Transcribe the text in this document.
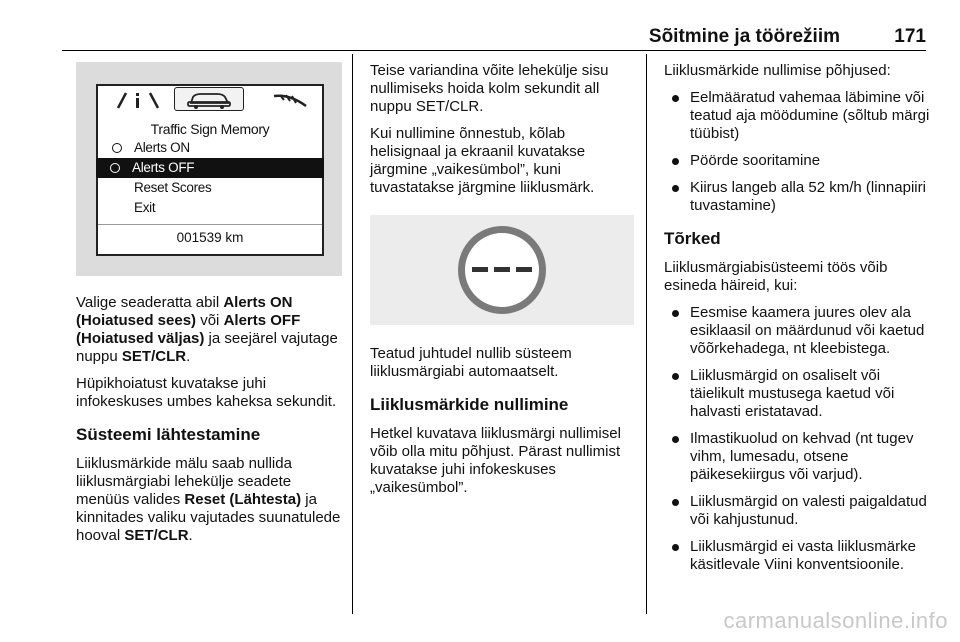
Sõitmine ja töörežiim	171
Traffic Sign Memory
Alerts ON
Alerts OFF
Reset Scores
Exit
001539 km

Valige seaderatta abil Alerts ON (Hoiatused sees) või Alerts OFF (Hoiatused väljas) ja seejärel vajutage nuppu SET/CLR.

Hüpikhoiatust kuvatakse juhi infokeskuses umbes kaheksa sekundit.

Süsteemi lähtestamine

Liiklusmärkide mälu saab nullida liiklusmärgiabi lehekülje seadete menüüs valides Reset (Lähtesta) ja kinnitades valiku vajutades suunatulede hooval SET/CLR.

Teise variandina võite lehekülje sisu nullimiseks hoida kolm sekundit all nuppu SET/CLR.

Kui nullimine õnnestub, kõlab helisignaal ja ekraanil kuvatakse järgmine „vaikesümbol”, kuni tuvastatakse järgmine liiklusmärk.

Teatud juhtudel nullib süsteem liiklusmärgiabi automaatselt.

Liiklusmärkide nullimine

Hetkel kuvatava liiklusmärgi nullimisel võib olla mitu põhjust. Pärast nullimist kuvatakse juhi infokeskuses „vaikesümbol”.

Liiklusmärkide nullimise põhjused:

Eelmääratud vahemaa läbimine või teatud aja möödumine (sõltub märgi tüübist)
Pöörde sooritamine
Kiirus langeb alla 52 km/h (linnapiiri tuvastamine)
Tõrked

Liiklusmärgiabisüsteemi töös võib esineda häireid, kui:

Eesmise kaamera juures olev ala esiklaasil on määrdunud või kaetud võõrkehadega, nt kleebistega.
Liiklusmärgid on osaliselt või täielikult mustusega kaetud või halvasti eristatavad.
Ilmastikuolud on kehvad (nt tugev vihm, lumesadu, otsene päikesekiirgus või varjud).
Liiklusmärgid on valesti paigaldatud või kahjustunud.
Liiklusmärgid ei vasta liiklusmärke käsitlevale Viini konventsioonile.
carmanualsonline.info
